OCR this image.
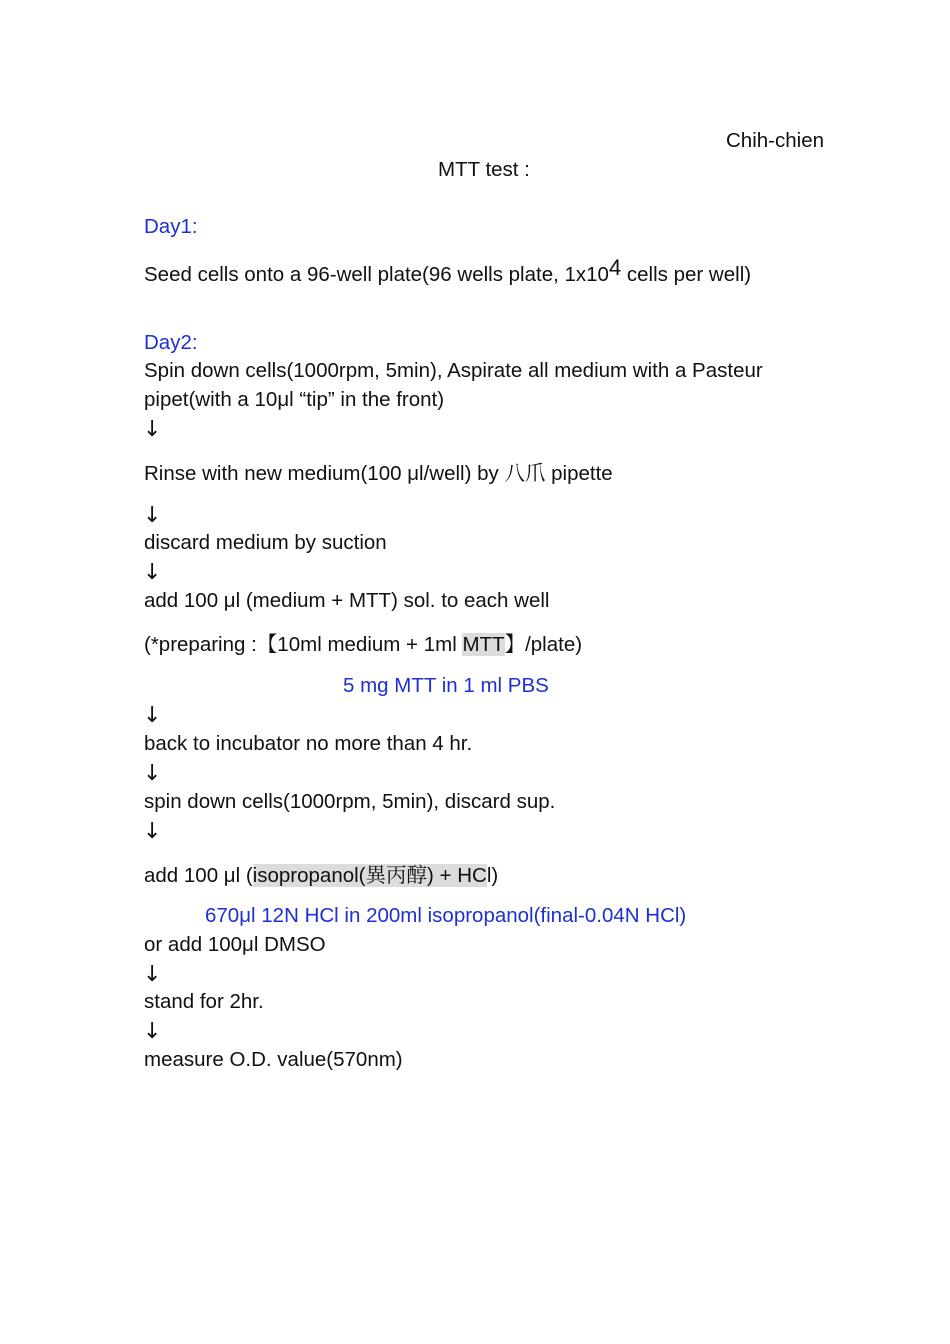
Chih-chien
MTT test :
Day1:
Seed cells onto a 96-well plate(96 wells plate, $1x10^4$ cells per well)
Day2:
Spin down cells(1000rpm, 5min), Aspirate all medium with a Pasteur
pipet(with a 10μl “tip” in the front)
↓
Rinse with new medium(100 μl/well) by 八爪 pipette
↓
discard medium by suction
↓
add 100 μl (medium + MTT) sol. to each well
(*preparing :【10ml medium + 1ml MTT】/plate)
5 mg MTT in 1 ml PBS
↓
back to incubator no more than 4 hr.
↓
spin down cells(1000rpm, 5min), discard sup.
↓
add 100 μl (isopropanol(異丙醇) + HCl)
670μl 12N HCl in 200ml isopropanol(final-0.04N HCl)
or add 100μl DMSO
↓
stand for 2hr.
↓
measure O.D. value(570nm)
